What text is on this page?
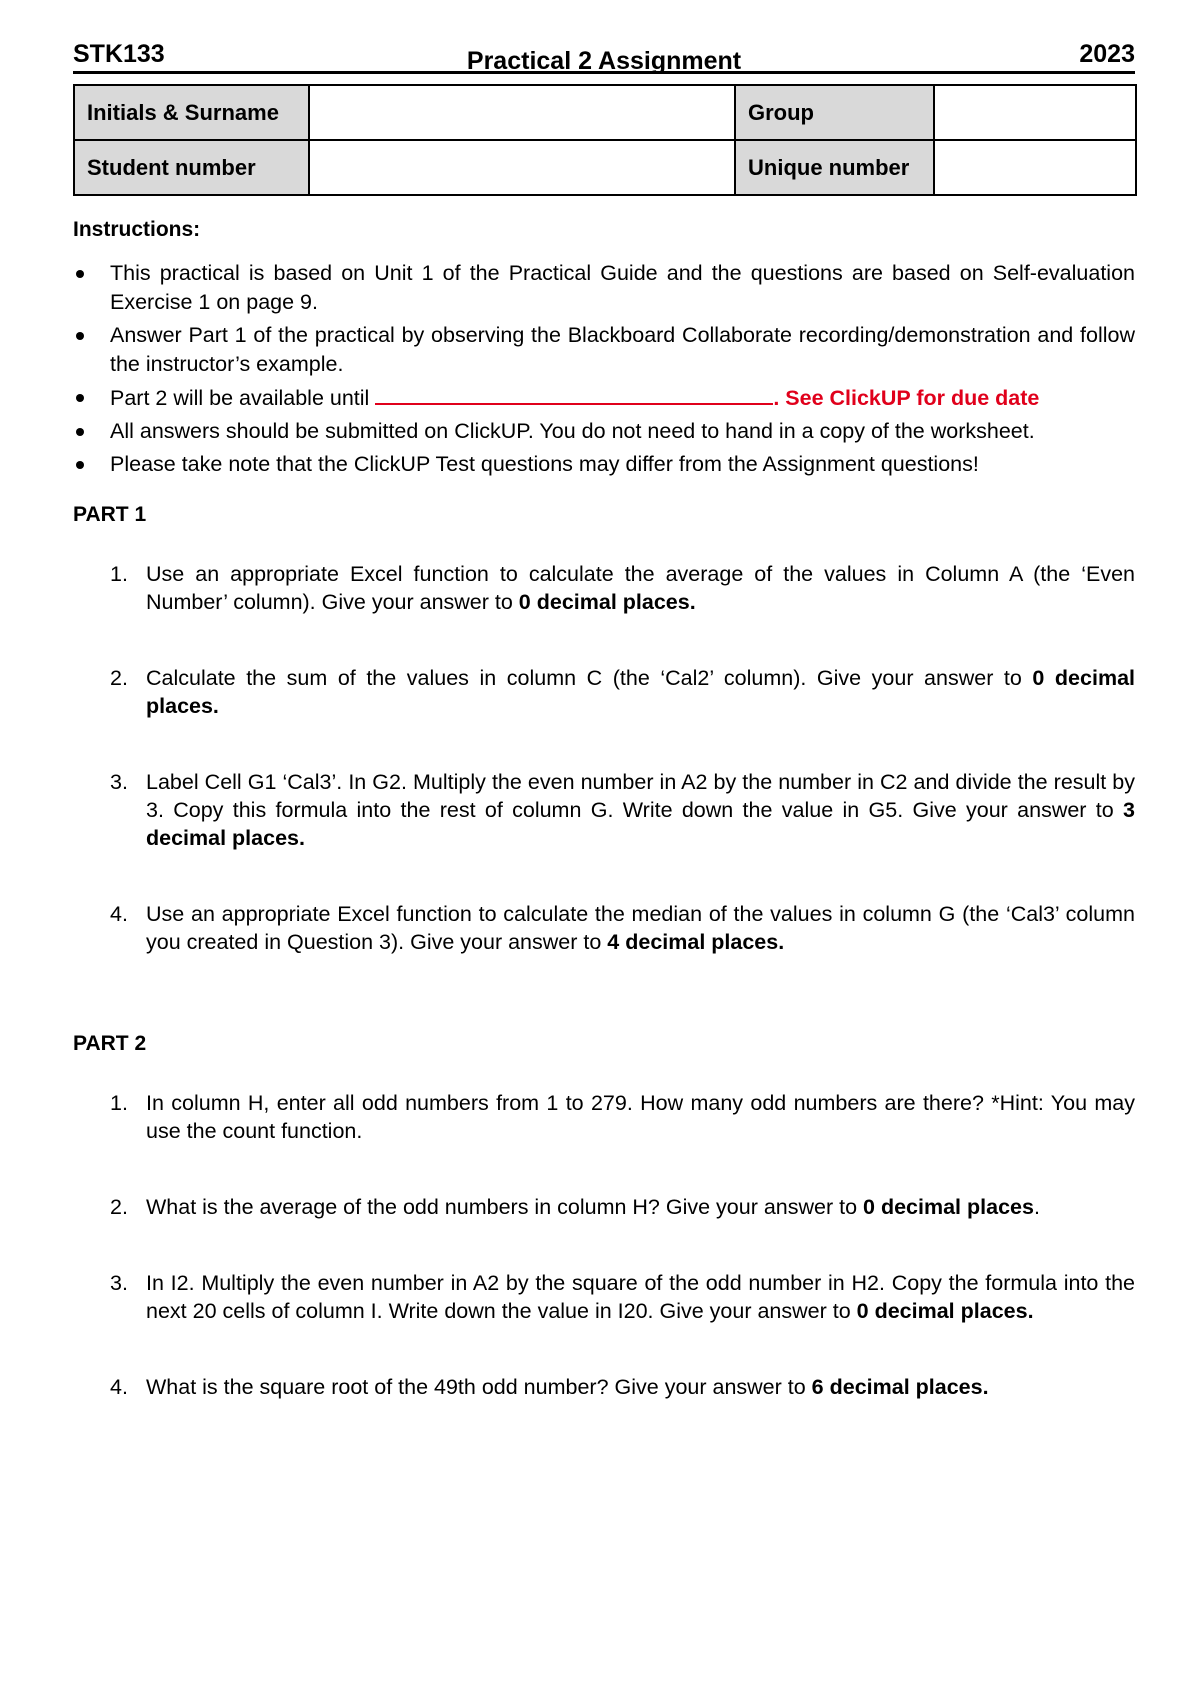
STK133	Practical 2 Assignment	2023
Initials & Surname		Group	
Student number		Unique number	
Instructions:
This practical is based on Unit 1 of the Practical Guide and the questions are based on Self-evaluation Exercise 1 on page 9.
Answer Part 1 of the practical by observing the Blackboard Collaborate recording/demonstration and follow the instructor’s example.
Part 2 will be available until	. See ClickUP for due date
All answers should be submitted on ClickUP. You do not need to hand in a copy of the worksheet.
Please take note that the ClickUP Test questions may differ from the Assignment questions!
PART 1
1. Use an appropriate Excel function to calculate the average of the values in Column A (the ‘Even Number’ column). Give your answer to 0 decimal places.
2. Calculate the sum of the values in column C (the ‘Cal2’ column). Give your answer to 0 decimal places.
3. Label Cell G1 ‘Cal3’. In G2. Multiply the even number in A2 by the number in C2 and divide the result by 3. Copy this formula into the rest of column G. Write down the value in G5. Give your answer to 3 decimal places.
4. Use an appropriate Excel function to calculate the median of the values in column G (the ‘Cal3’ column you created in Question 3). Give your answer to 4 decimal places.
PART 2
1. In column H, enter all odd numbers from 1 to 279. How many odd numbers are there? *Hint: You may use the count function.
2. What is the average of the odd numbers in column H? Give your answer to 0 decimal places.
3. In I2. Multiply the even number in A2 by the square of the odd number in H2. Copy the formula into the next 20 cells of column I. Write down the value in I20. Give your answer to 0 decimal places.
4. What is the square root of the 49th odd number? Give your answer to 6 decimal places.
